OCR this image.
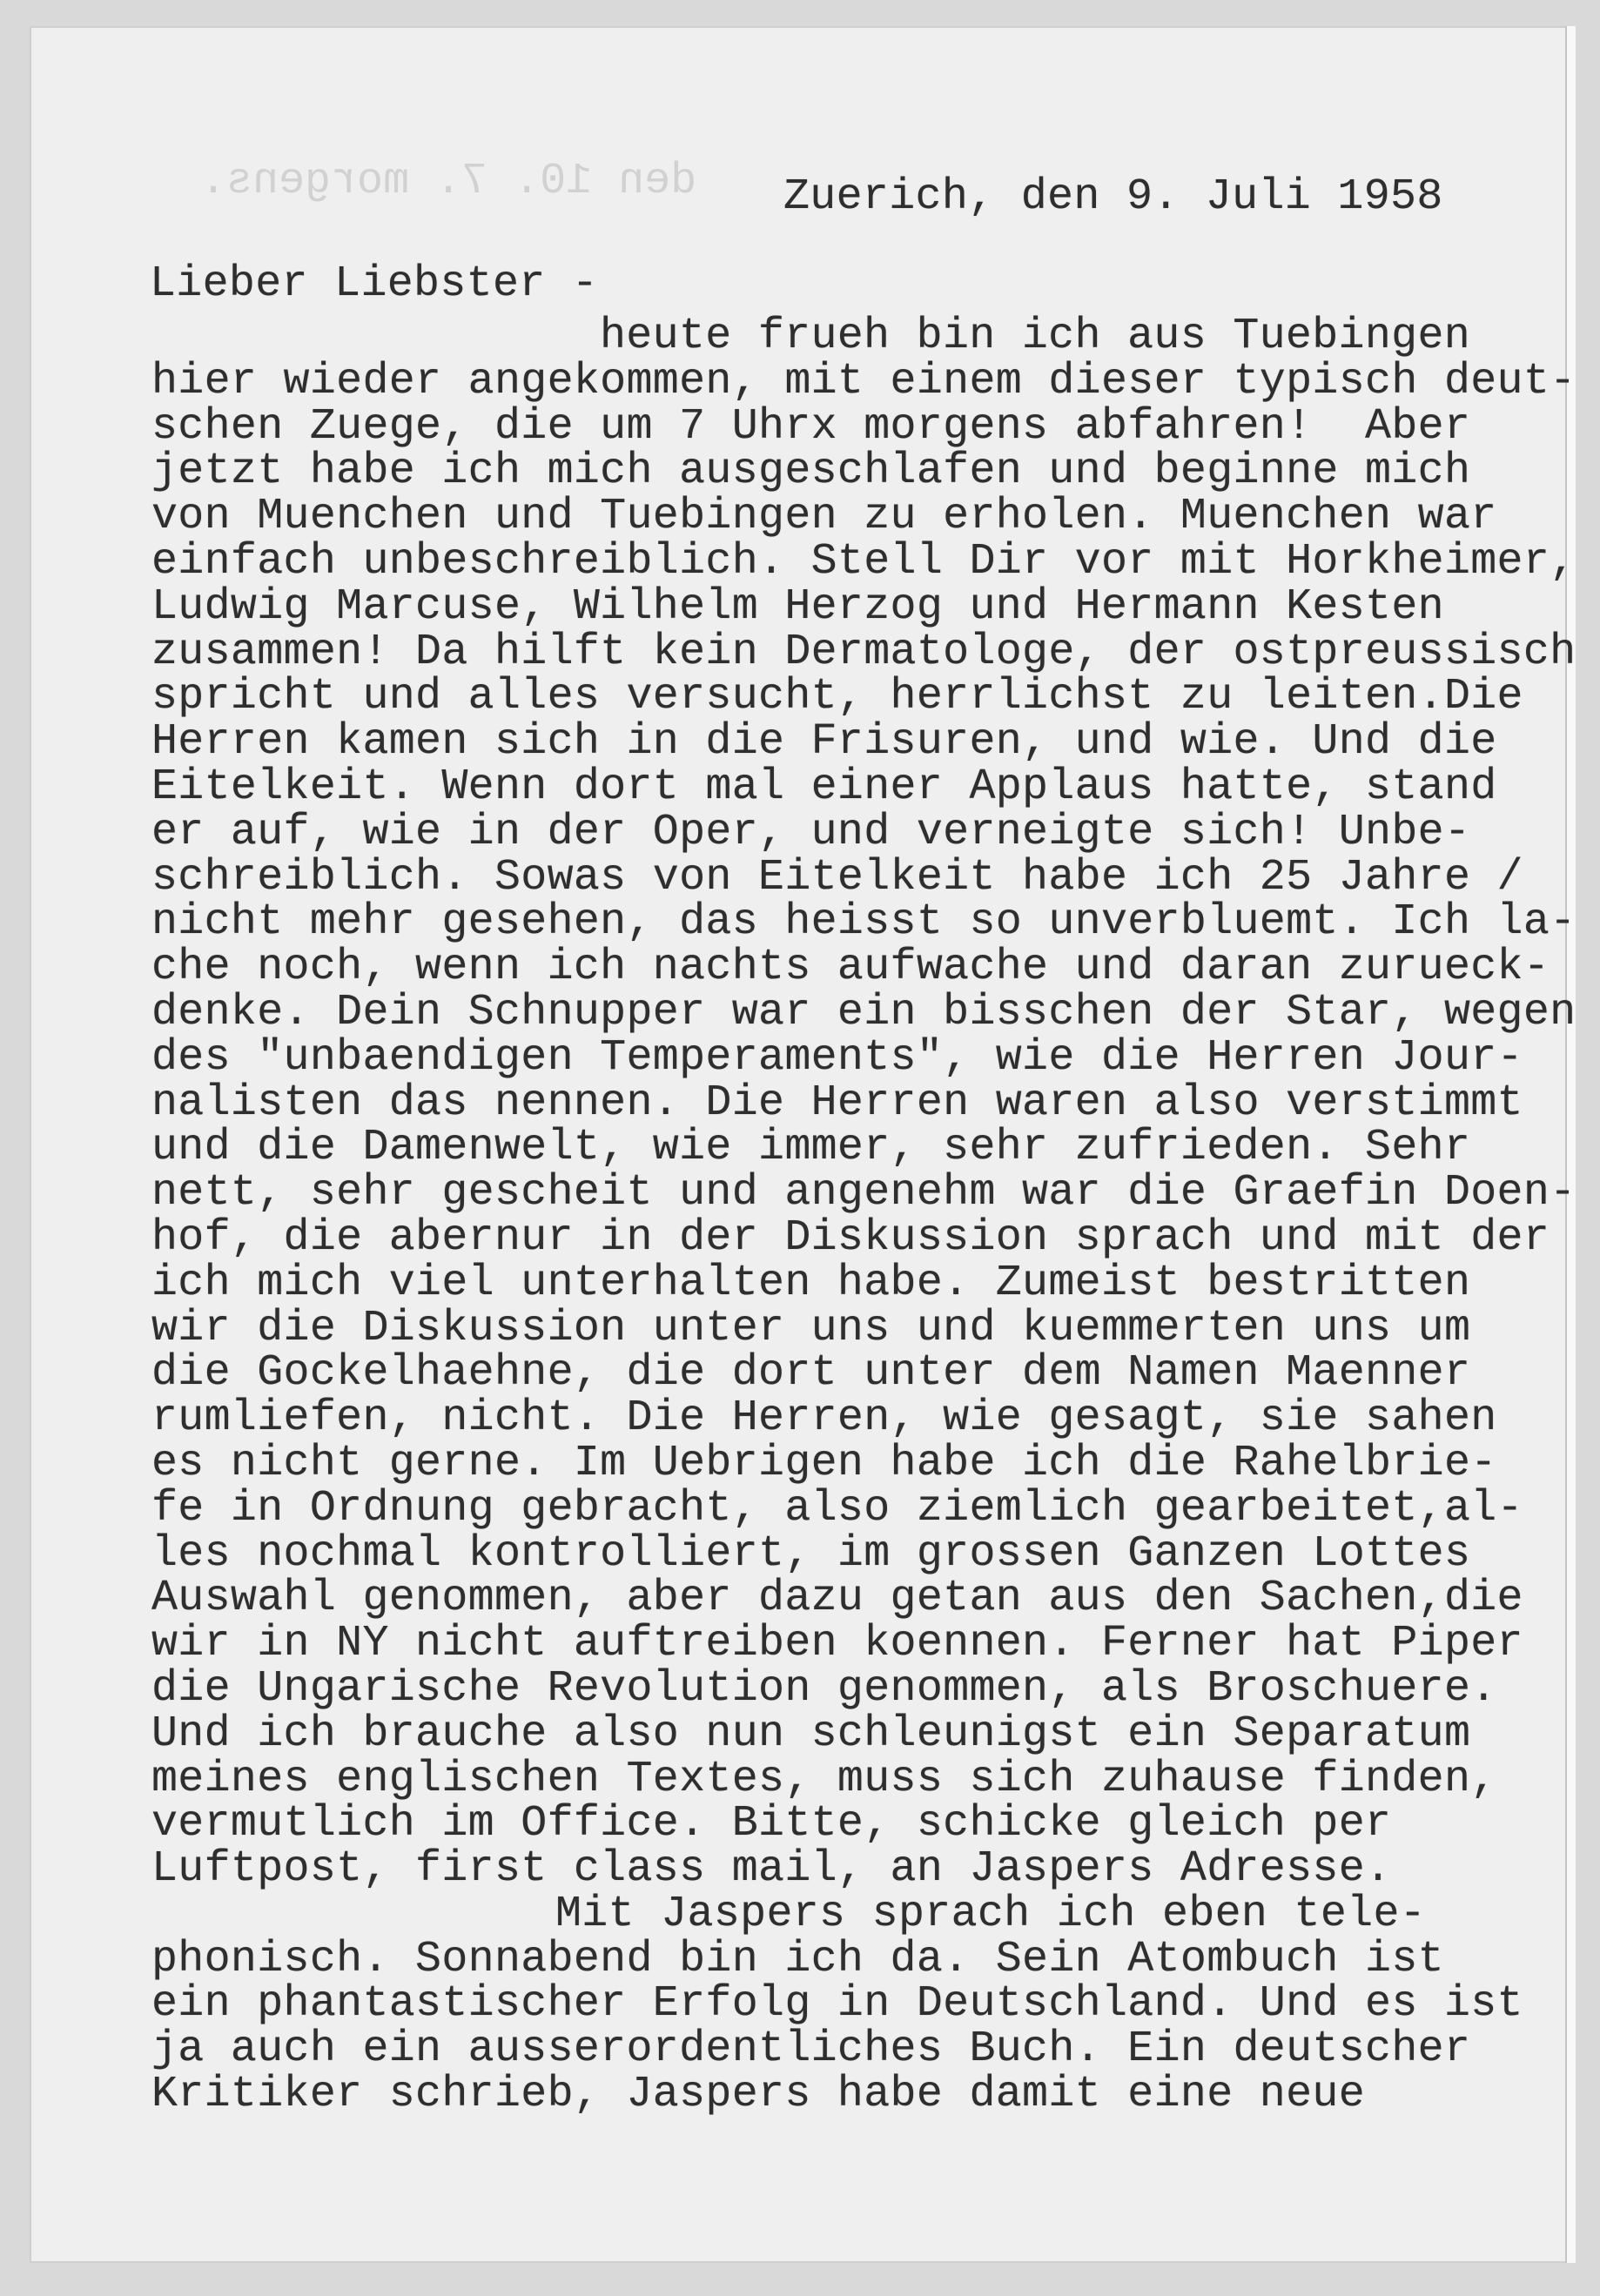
den 10. 7. morgens. Zuerich, den 9. Juli 1958
Lieber Liebster -
heute frueh bin ich aus Tuebingen
hier wieder angekommen, mit einem dieser typisch deut-
schen Zuege, die um 7 Uhrx morgens abfahren!  Aber
jetzt habe ich mich ausgeschlafen und beginne mich
von Muenchen und Tuebingen zu erholen. Muenchen war
einfach unbeschreiblich. Stell Dir vor mit Horkheimer,
Ludwig Marcuse, Wilhelm Herzog und Hermann Kesten
zusammen! Da hilft kein Dermatologe, der ostpreussisch
spricht und alles versucht, herrlichst zu leiten.Die
Herren kamen sich in die Frisuren, und wie. Und die
Eitelkeit. Wenn dort mal einer Applaus hatte, stand
er auf, wie in der Oper, und verneigte sich! Unbe-
schreiblich. Sowas von Eitelkeit habe ich 25 Jahre /
nicht mehr gesehen, das heisst so unverbluemt. Ich la-
che noch, wenn ich nachts aufwache und daran zurueck-
denke. Dein Schnupper war ein bisschen der Star, wegen
des "unbaendigen Temperaments", wie die Herren Jour-
nalisten das nennen. Die Herren waren also verstimmt
und die Damenwelt, wie immer, sehr zufrieden. Sehr
nett, sehr gescheit und angenehm war die Graefin Doen-
hof, die abernur in der Diskussion sprach und mit der
ich mich viel unterhalten habe. Zumeist bestritten
wir die Diskussion unter uns und kuemmerten uns um
die Gockelhaehne, die dort unter dem Namen Maenner
rumliefen, nicht. Die Herren, wie gesagt, sie sahen
es nicht gerne. Im Uebrigen habe ich die Rahelbrie-
fe in Ordnung gebracht, also ziemlich gearbeitet,al-
les nochmal kontrolliert, im grossen Ganzen Lottes
Auswahl genommen, aber dazu getan aus den Sachen,die
wir in NY nicht auftreiben koennen. Ferner hat Piper
die Ungarische Revolution genommen, als Broschuere.
Und ich brauche also nun schleunigst ein Separatum
meines englischen Textes, muss sich zuhause finden,
vermutlich im Office. Bitte, schicke gleich per
Luftpost, first class mail, an Jaspers Adresse.
Mit Jaspers sprach ich eben tele-
phonisch. Sonnabend bin ich da. Sein Atombuch ist
ein phantastischer Erfolg in Deutschland. Und es ist
ja auch ein ausserordentliches Buch. Ein deutscher
Kritiker schrieb, Jaspers habe damit eine neue
